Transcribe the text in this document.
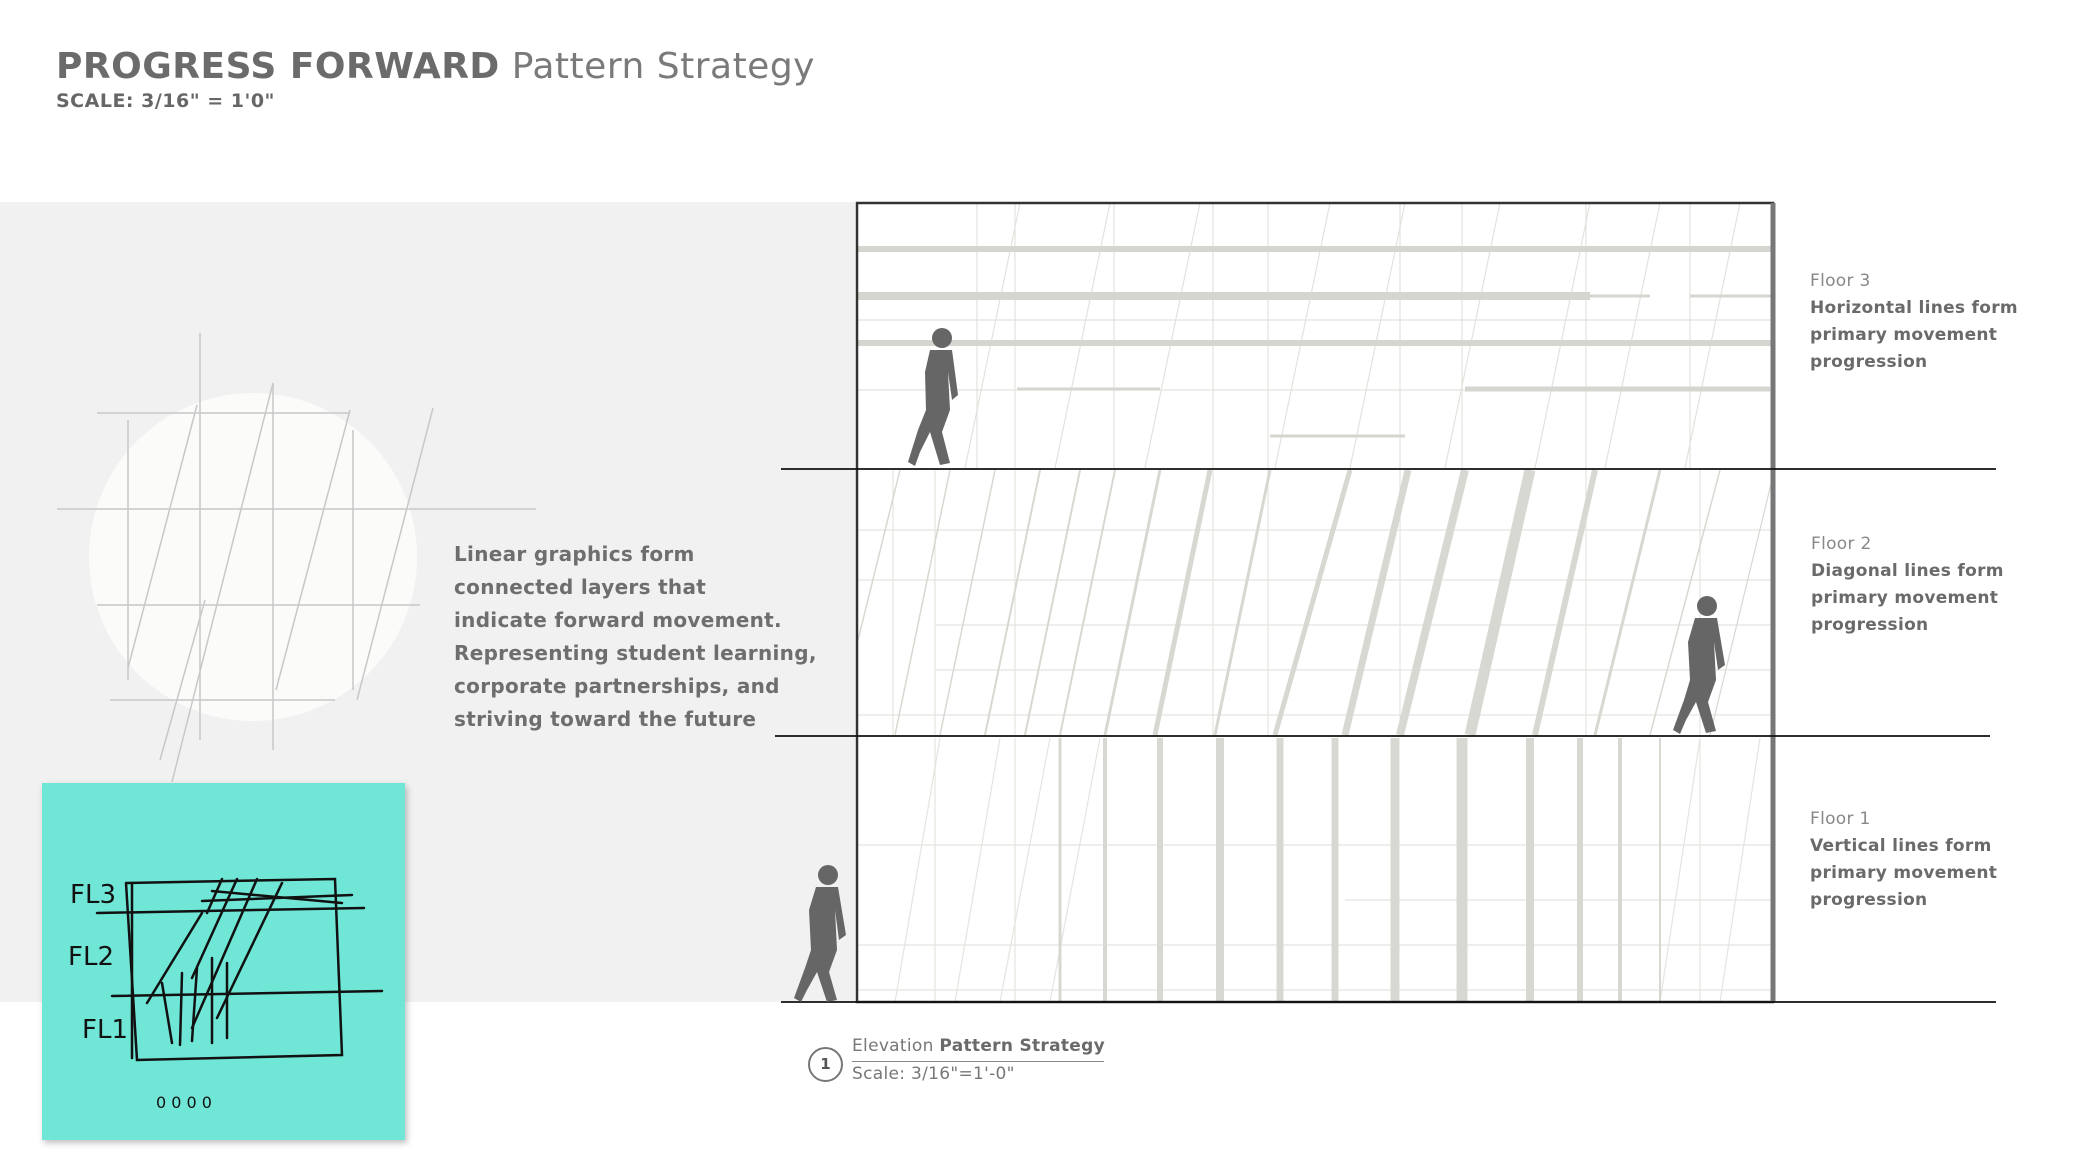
PROGRESS FORWARD Pattern Strategy
SCALE: 3/16" = 1'0"
Linear graphics form
connected layers that
indicate forward movement.
Representing student learning,
corporate partnerships, and
striving toward the future
FL3
FL2
FL1
0 0 0 0
Floor 3
Horizontal lines form
primary movement
progression
Floor 2
Diagonal lines form
primary movement
progression
Floor 1
Vertical lines form
primary movement
progression
1
Elevation Pattern Strategy
Scale: 3/16"=1'-0"
